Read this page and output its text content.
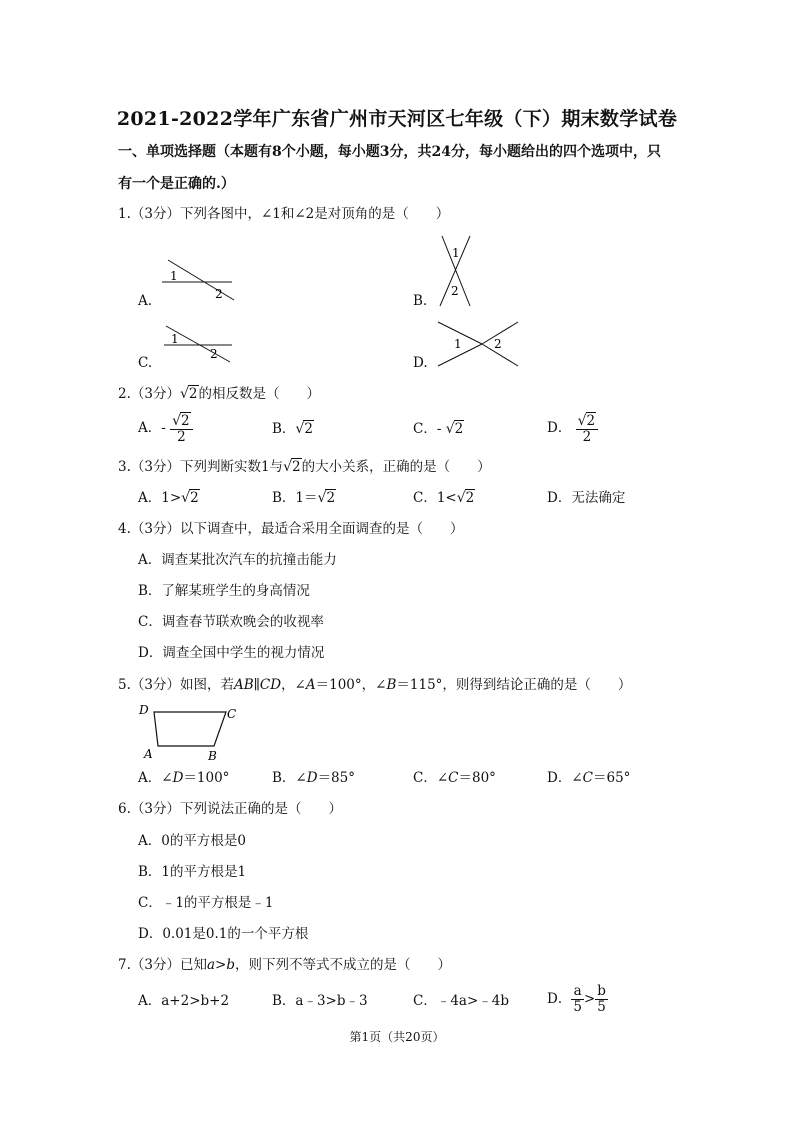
2021-2022学年广东省广州市天河区七年级（下）期末数学试卷
一、单项选择题（本题有8个小题，每小题3分，共24分，每小题给出的四个选项中，只
有一个是正确的.）
1.（3分）下列各图中，∠1和∠2是对顶角的是（　　）
A.
1
2	B.
1
2
C.
1
2
D.
1	2
2.（3分）√2的相反数是（　　）
A．- $\frac{√2}{2}$	B．√2	C．- √2	D． $\frac{√2}{2}$
3.（3分）下列判断实数1与√2的大小关系，正确的是（　　）
A．1>√2	B．1＝√2	C．1<√2	D．无法确定
4.（3分）以下调查中，最适合采用全面调查的是（　　）
A．调查某批次汽车的抗撞击能力
B．了解某班学生的身高情况
C．调查春节联欢晚会的收视率
D．调查全国中学生的视力情况
5.（3分）如图，若AB∥CD，∠A＝100°，∠B＝115°，则得到结论正确的是（　　）
D	C
A	B
A．∠D＝100°	B．∠D＝85°	C．∠C＝80°	D．∠C＝65°
6.（3分）下列说法正确的是（　　）
A．0的平方根是0
B．1的平方根是1
C．﹣1的平方根是﹣1
D．0.01是0.1的一个平方根
7.（3分）已知a>b，则下列不等式不成立的是（　　）
A．a+2>b+2	B．a﹣3>b﹣3	C．﹣4a>﹣4b	D． $\frac{a}{5} > \frac{b}{5}$
第1页（共20页）
